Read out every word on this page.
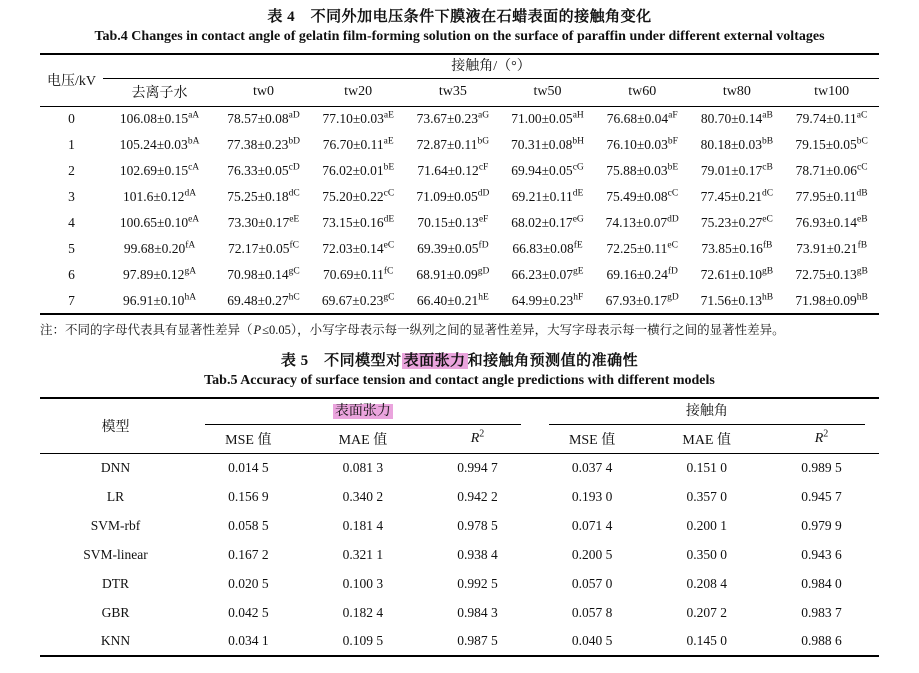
表 4　不同外加电压条件下膜液在石蜡表面的接触角变化
Tab.4 Changes in contact angle of gelatin film-forming solution on the surface of paraffin under different external voltages
电压/kV	接触角/（°）							

	去离子水	tw0	tw20	tw35	tw50	tw60	tw80	tw100
0	$106.08\pm 0.15^{aA}$	$78.57\pm 0.08^{aD}$	$77.10\pm 0.03^{aE}$	$73.67\pm 0.23^{aG}$	$71.00\pm 0.05^{aH}$	$76.68\pm 0.04^{aF}$	$80.70\pm 0.14^{aB}$	$79.74\pm 0.11^{aC}$
1	$105.24\pm 0.03^{bA}$	$77.38\pm 0.23^{bD}$	$76.70\pm 0.11^{aE}$	$72.87\pm 0.11^{bG}$	$70.31\pm 0.08^{bH}$	$76.10\pm 0.03^{bF}$	$80.18\pm 0.03^{bB}$	$79.15\pm 0.05^{bC}$
2	$102.69\pm 0.15^{cA}$	$76.33\pm 0.05^{cD}$	$76.02\pm 0.01^{bE}$	$71.64\pm 0.12^{cF}$	$69.94\pm 0.05^{cG}$	$75.88\pm 0.03^{bE}$	$79.01\pm 0.17^{cB}$	$78.71\pm 0.06^{cC}$
3	$101.6\pm 0.12^{dA}$	$75.25\pm 0.18^{dC}$	$75.20\pm 0.22^{cC}$	$71.09\pm 0.05^{dD}$	69.21±0.11dE	$75.49\pm 0.08^{cC}$	$77.45\pm 0.21^{dC}$	$77.95\pm 0.11^{dB}$
4	$100.65\pm 0.10^{eA}$	$73.30\pm 0.17^{eE}$	73.15±0.16dE	$70.15\pm 0.13^{eF}$	$68.02\pm 0.17^{eG}$	$74.13\pm 0.07^{dD}$	$75.23\pm 0.27^{eC}$	$76.93\pm 0.14^{eB}$
5	$99.68\pm 0.20^{fA}$	$72.17\pm 0.05^{fC}$	$72.03\pm 0.14^{eC}$	$69.39\pm 0.05^{fD}$	$66.83\pm 0.08^{fE}$	$72.25\pm 0.11^{eC}$	$73.85\pm 0.16^{fB}$	$73.91\pm 0.21^{fB}$
6	$97.89\pm 0.12^{gA}$	$70.98\pm 0.14^{gC}$	$70.69\pm 0.11^{fC}$	$68.91\pm 0.09^{gD}$	$66.23\pm 0.07^{gE}$	$69.16\pm 0.24^{fD}$	$72.61\pm 0.10^{gB}$	$72.75\pm 0.13^{gB}$
7	$96.91\pm 0.10^{hA}$	$69.48\pm 0.27^{hC}$	$69.67\pm 0.23^{gC}$	$66.40\pm 0.21^{hE}$	$64.99\pm 0.23^{hF}$	$67.93\pm 0.17^{gD}$	$71.56\pm 0.13^{hB}$	$71.98\pm 0.09^{hB}$
注：不同的字母代表具有显著性差异（P≤0.05），小写字母表示每一纵列之间的显著性差异，大写字母表示每一横行之间的显著性差异。
表 5　不同模型对 表面张力 和接触角预测值的准确性
Tab.5 Accuracy of surface tension and contact angle predictions with different models
模型	表面张力			接触角		

	MSE 值	MAE 值	$R^2$	MSE 值	MAE 值	$R^2$
DNN	0.014 5	0.081 3	0.994 7	0.037 4	0.151 0	0.989 5
LR	0.156 9	0.340 2	0.942 2	0.193 0	0.357 0	0.945 7
SVM-rbf	0.058 5	0.181 4	0.978 5	0.071 4	0.200 1	0.979 9
SVM-linear	0.167 2	0.321 1	0.938 4	0.200 5	0.350 0	0.943 6
DTR	0.020 5	0.100 3	0.992 5	0.057 0	0.208 4	0.984 0
GBR	0.042 5	0.182 4	0.984 3	0.057 8	0.207 2	0.983 7
KNN	0.034 1	0.109 5	0.987 5	0.040 5	0.145 0	0.988 6
